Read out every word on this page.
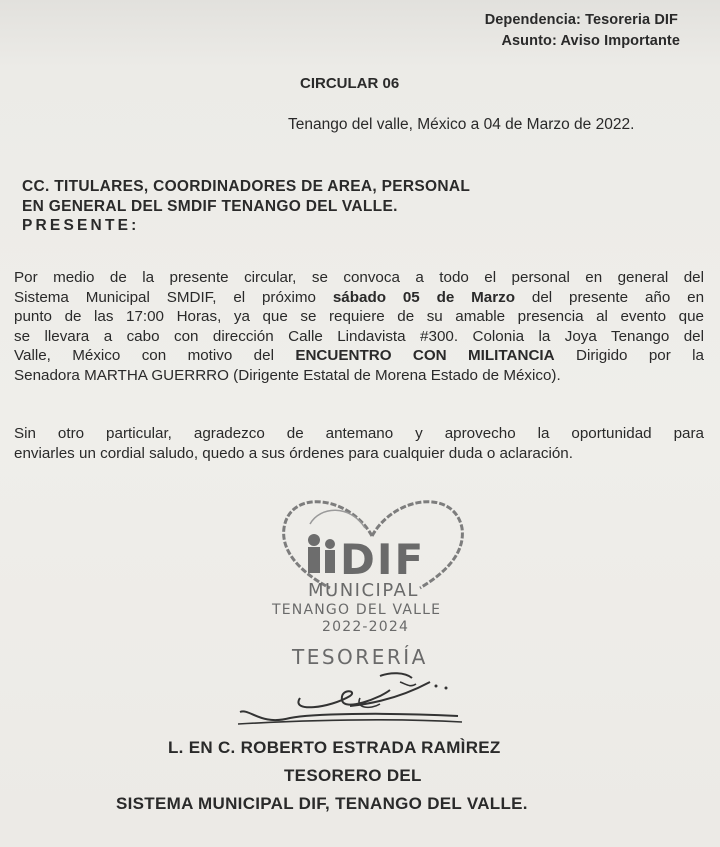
Dependencia: Tesoreria DIF
Asunto: Aviso Importante
CIRCULAR 06
Tenango del valle, México a 04 de Marzo de 2022.
CC. TITULARES, COORDINADORES DE AREA, PERSONAL
EN GENERAL DEL SMDIF TENANGO DEL VALLE.
PRESENTE:
Por medio de la presente circular, se convoca a todo el personal en general del
Sistema Municipal SMDIF, el próximo sábado 05 de Marzo del presente año en
punto de las 17:00 Horas, ya que se requiere de su amable presencia al evento que
se llevara a cabo con dirección Calle Lindavista #300. Colonia la Joya Tenango del
Valle, México con motivo del ENCUENTRO CON MILITANCIA Dirigido por la
Senadora MARTHA GUERRRO (Dirigente Estatal de Morena Estado de México).
Sin otro particular, agradezco de antemano y aprovecho la oportunidad para
enviarles un cordial saludo, quedo a sus órdenes para cualquier duda o aclaración.
DIF
MUNICIPAL
TENANGO DEL VALLE
2022-2024
TESORERÍA
L. EN C. ROBERTO ESTRADA RAMÌREZ
TESORERO DEL
SISTEMA MUNICIPAL DIF, TENANGO DEL VALLE.
